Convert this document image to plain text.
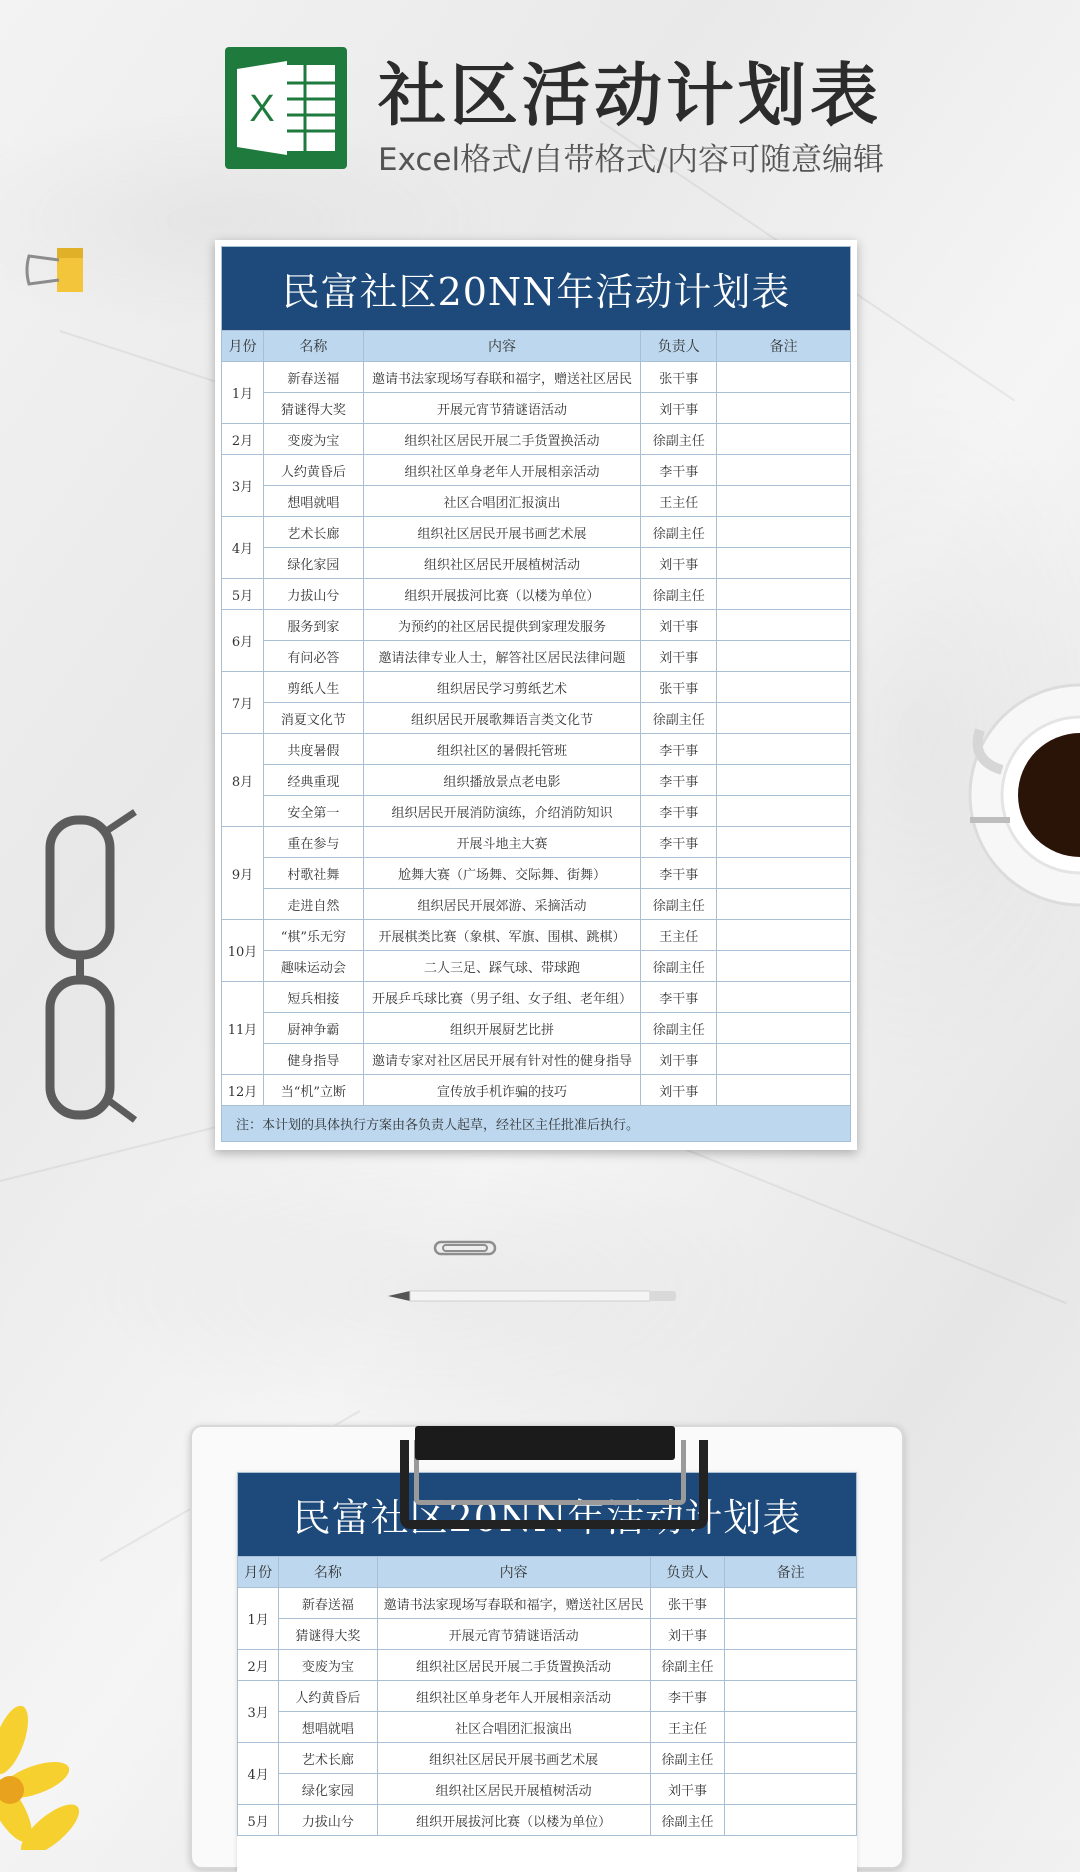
X 社区活动计划表
Excel格式/自带格式/内容可随意编辑
民富社区20NN年活动计划表				
月份	名称	内容	负责人	备注
1月	新春送福	邀请书法家现场写春联和福字，赠送社区居民	张干事	
	猜谜得大奖	开展元宵节猜谜语活动	刘干事	
2月	变废为宝	组织社区居民开展二手货置换活动	徐副主任	
3月	人约黄昏后	组织社区单身老年人开展相亲活动	李干事	
	想唱就唱	社区合唱团汇报演出	王主任	
4月	艺术长廊	组织社区居民开展书画艺术展	徐副主任	
	绿化家园	组织社区居民开展植树活动	刘干事	
5月	力拔山兮	组织开展拔河比赛（以楼为单位）	徐副主任	
6月	服务到家	为预约的社区居民提供到家理发服务	刘干事	
	有问必答	邀请法律专业人士，解答社区居民法律问题	刘干事	
7月	剪纸人生	组织居民学习剪纸艺术	张干事	
	消夏文化节	组织居民开展歌舞语言类文化节	徐副主任	
8月	共度暑假	组织社区的暑假托管班	李干事	
	经典重现	组织播放景点老电影	李干事	
	安全第一	组织居民开展消防演练，介绍消防知识	李干事	
9月	重在参与	开展斗地主大赛	李干事	
	村歌社舞	尬舞大赛（广场舞、交际舞、街舞）	李干事	
	走进自然	组织居民开展郊游、采摘活动	徐副主任	
10月	“棋”乐无穷	开展棋类比赛（象棋、军旗、围棋、跳棋）	王主任	
	趣味运动会	二人三足、踩气球、带球跑	徐副主任	
11月	短兵相接	开展乒乓球比赛（男子组、女子组、老年组）	李干事	
	厨神争霸	组织开展厨艺比拼	徐副主任	
	健身指导	邀请专家对社区居民开展有针对性的健身指导	刘干事	
12月	当“机”立断	宣传放手机诈骗的技巧	刘干事	
注：本计划的具体执行方案由各负责人起草，经社区主任批准后执行。				
民富社区20NN年活动计划表				
月份	名称	内容	负责人	备注
1月	新春送福	邀请书法家现场写春联和福字，赠送社区居民	张干事	
	猜谜得大奖	开展元宵节猜谜语活动	刘干事	
2月	变废为宝	组织社区居民开展二手货置换活动	徐副主任	
3月	人约黄昏后	组织社区单身老年人开展相亲活动	李干事	
	想唱就唱	社区合唱团汇报演出	王主任	
4月	艺术长廊	组织社区居民开展书画艺术展	徐副主任	
	绿化家园	组织社区居民开展植树活动	刘干事	
5月	力拔山兮	组织开展拔河比赛（以楼为单位）	徐副主任	
